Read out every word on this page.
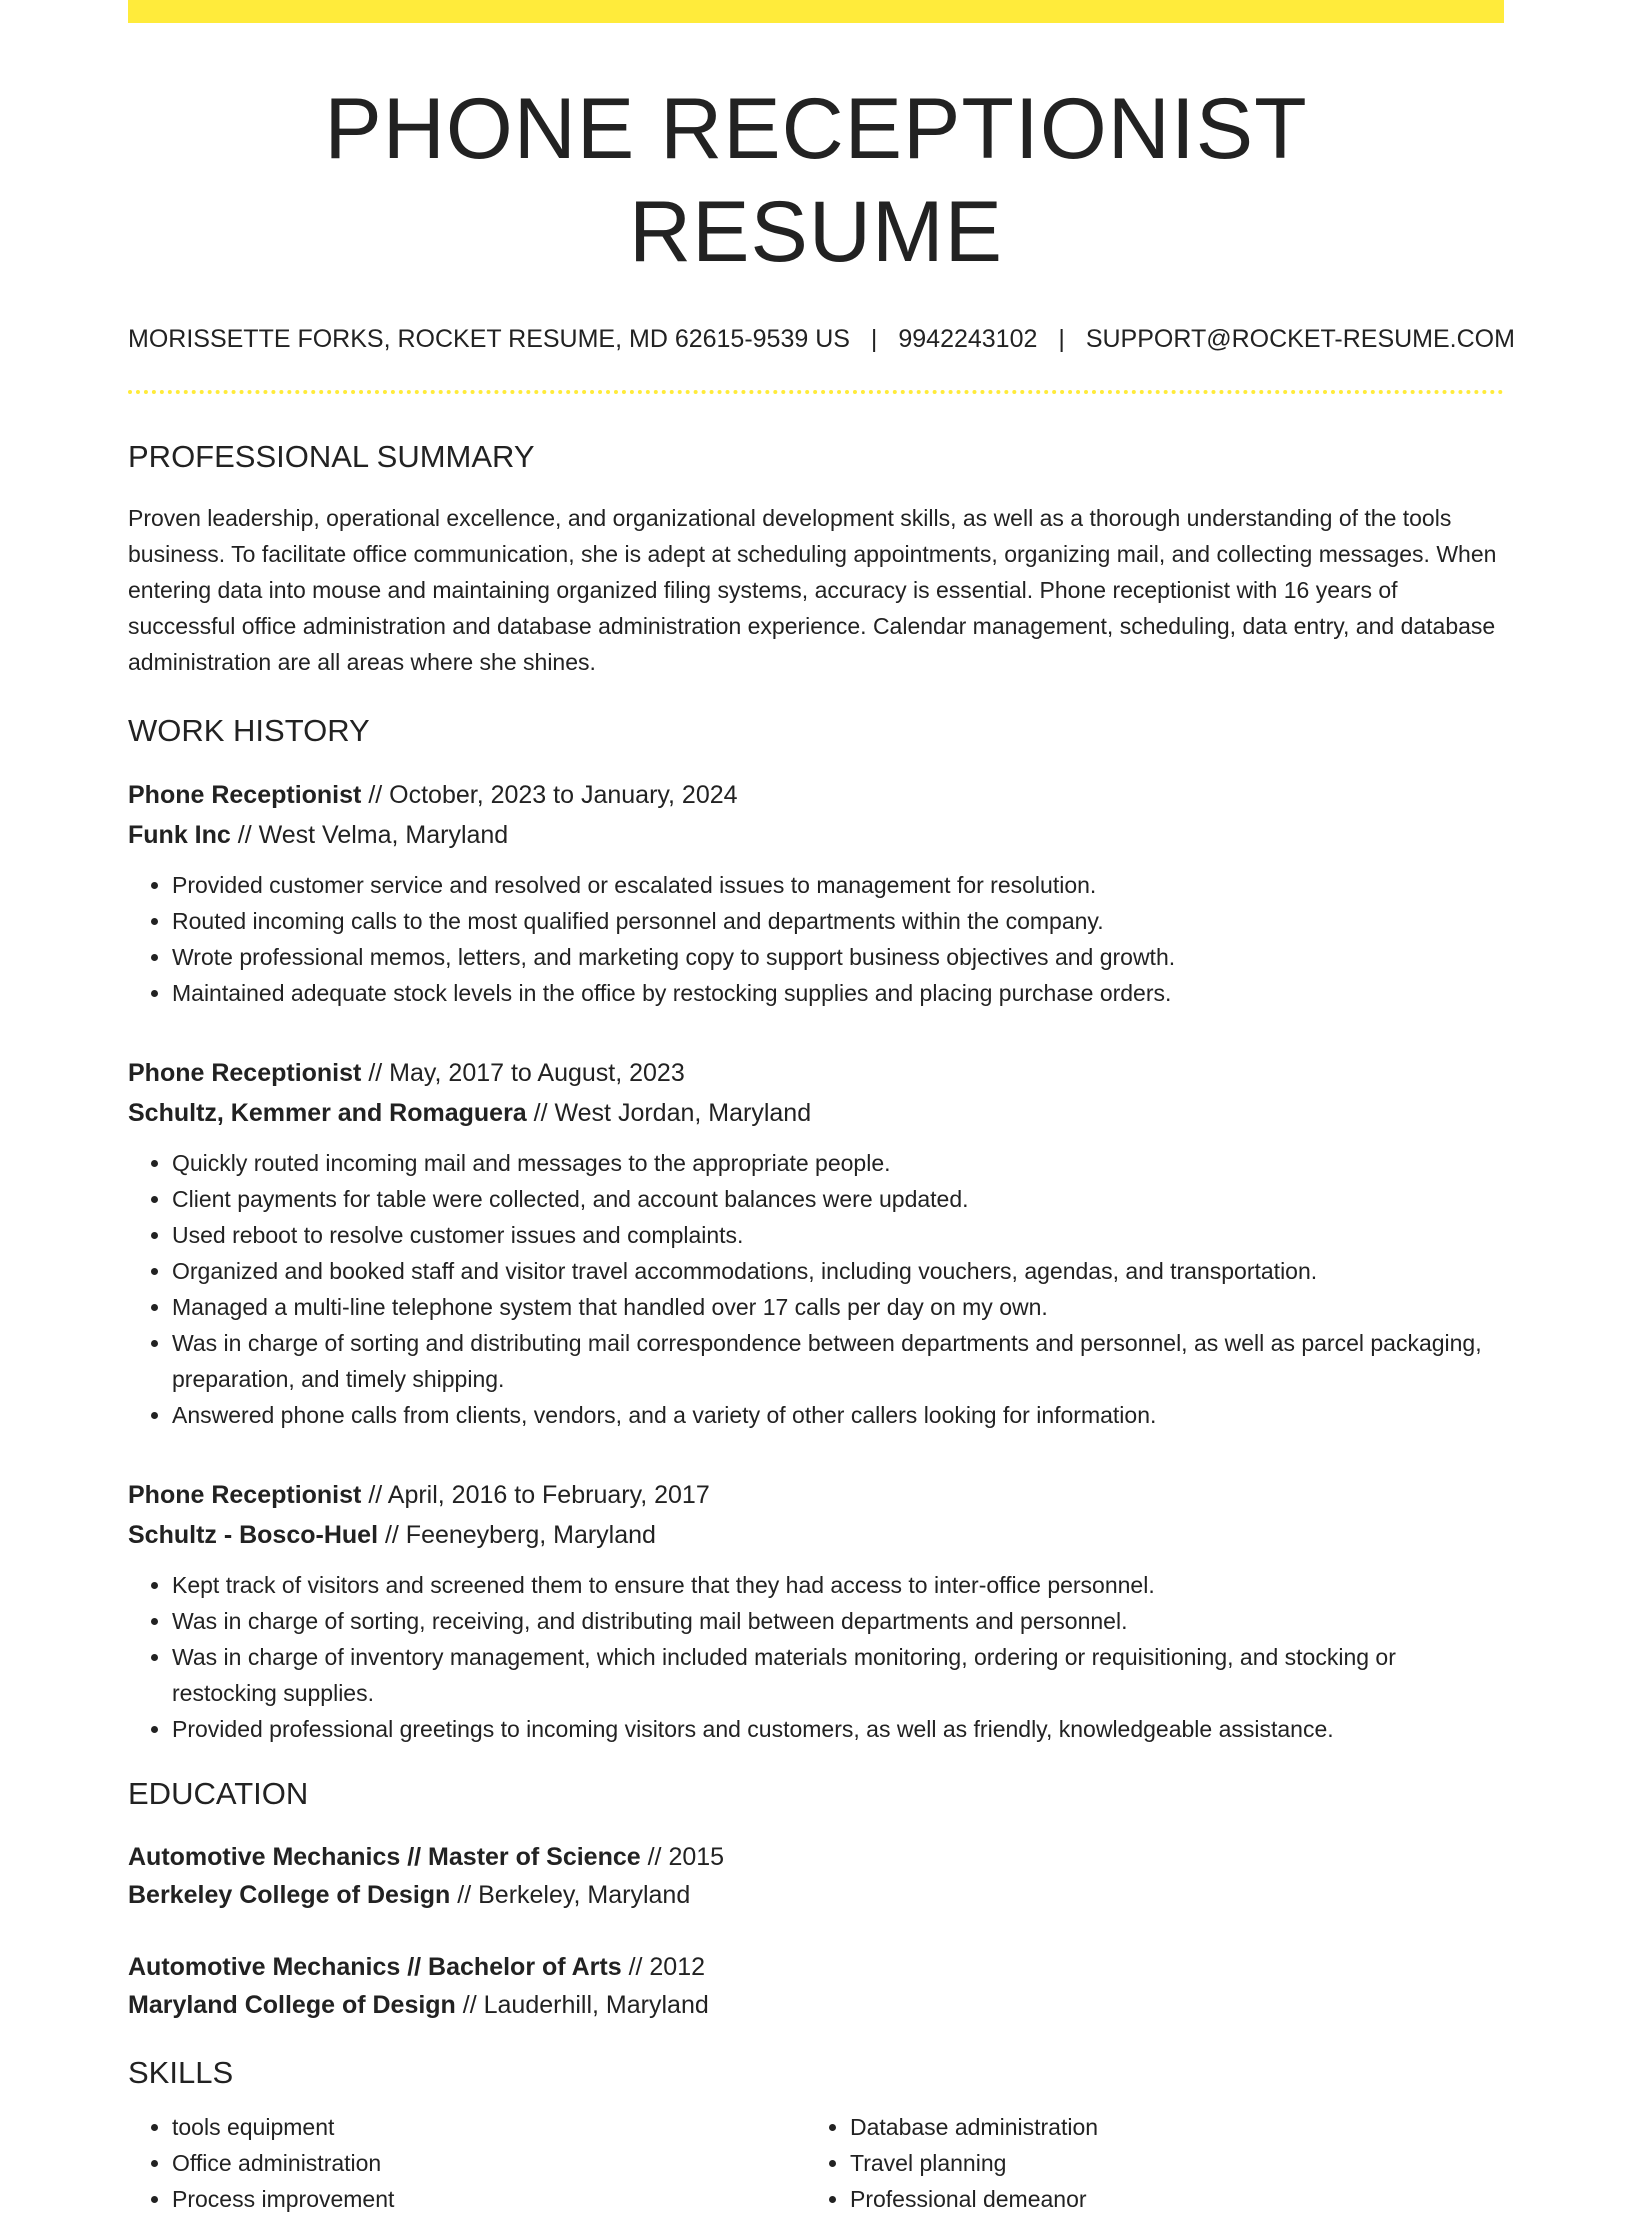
PHONE RECEPTIONIST RESUME
MORISSETTE FORKS, ROCKET RESUME, MD 62615-9539 US | 9942243102 | SUPPORT@ROCKET-RESUME.COM
PROFESSIONAL SUMMARY
Proven leadership, operational excellence, and organizational development skills, as well as a thorough understanding of the tools business. To facilitate office communication, she is adept at scheduling appointments, organizing mail, and collecting messages. When entering data into mouse and maintaining organized filing systems, accuracy is essential. Phone receptionist with 16 years of successful office administration and database administration experience. Calendar management, scheduling, data entry, and database administration are all areas where she shines.
WORK HISTORY
Phone Receptionist // October, 2023 to January, 2024
Funk Inc // West Velma, Maryland
• Provided customer service and resolved or escalated issues to management for resolution.
• Routed incoming calls to the most qualified personnel and departments within the company.
• Wrote professional memos, letters, and marketing copy to support business objectives and growth.
• Maintained adequate stock levels in the office by restocking supplies and placing purchase orders.
Phone Receptionist // May, 2017 to August, 2023
Schultz, Kemmer and Romaguera // West Jordan, Maryland
• Quickly routed incoming mail and messages to the appropriate people.
• Client payments for table were collected, and account balances were updated.
• Used reboot to resolve customer issues and complaints.
• Organized and booked staff and visitor travel accommodations, including vouchers, agendas, and transportation.
• Managed a multi-line telephone system that handled over 17 calls per day on my own.
• Was in charge of sorting and distributing mail correspondence between departments and personnel, as well as parcel packaging, preparation, and timely shipping.
• Answered phone calls from clients, vendors, and a variety of other callers looking for information.
Phone Receptionist // April, 2016 to February, 2017
Schultz - Bosco-Huel // Feeneyberg, Maryland
• Kept track of visitors and screened them to ensure that they had access to inter-office personnel.
• Was in charge of sorting, receiving, and distributing mail between departments and personnel.
• Was in charge of inventory management, which included materials monitoring, ordering or requisitioning, and stocking or restocking supplies.
• Provided professional greetings to incoming visitors and customers, as well as friendly, knowledgeable assistance.
EDUCATION
Automotive Mechanics // Master of Science // 2015
Berkeley College of Design // Berkeley, Maryland
Automotive Mechanics // Bachelor of Arts // 2012
Maryland College of Design // Lauderhill, Maryland
SKILLS
• tools equipment
• Office administration
• Process improvement
• Database administration
• Travel planning
• Professional demeanor
